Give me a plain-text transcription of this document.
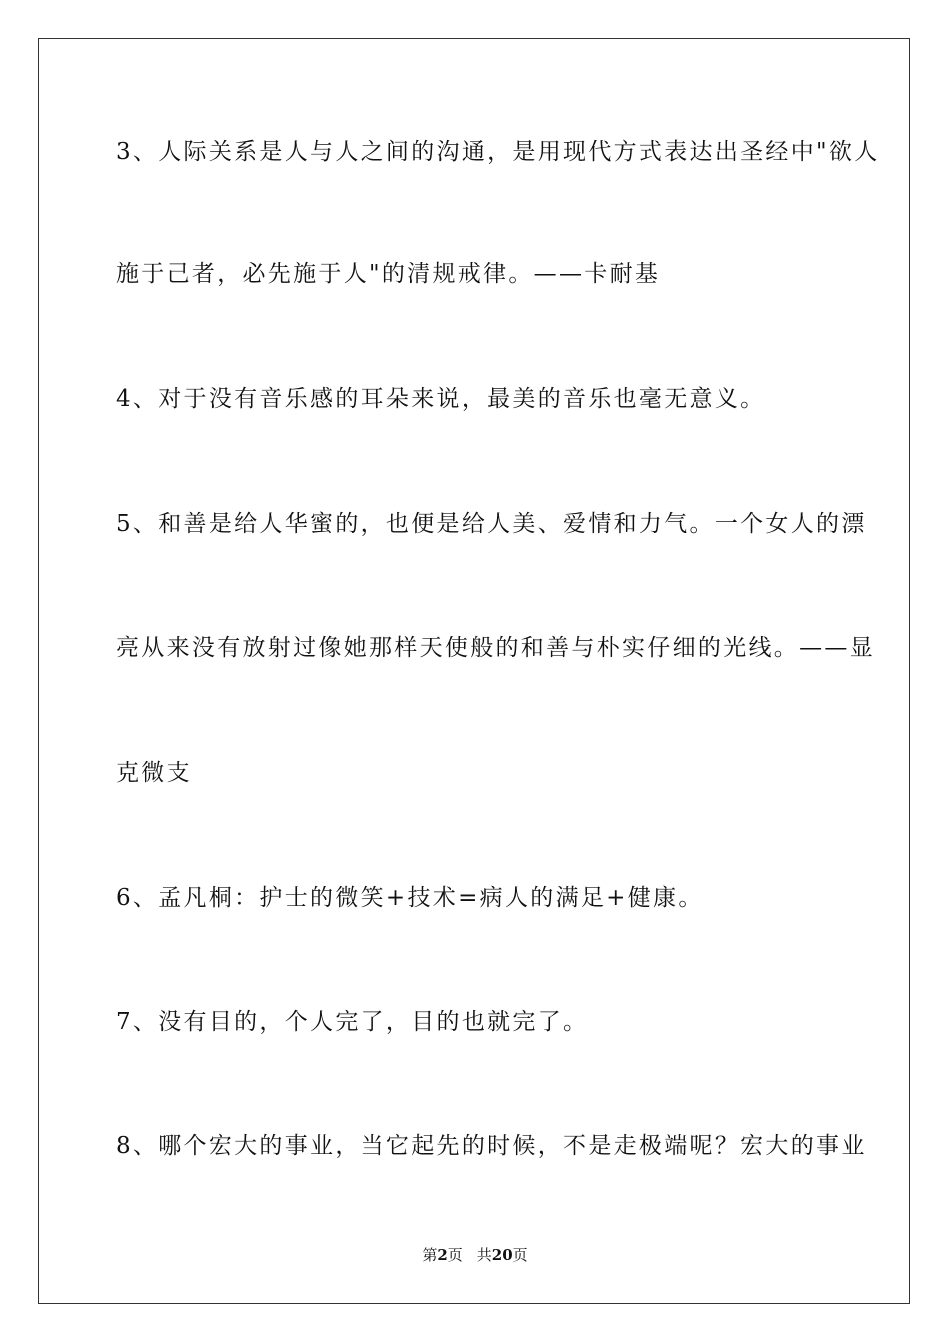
3、人际关系是人与人之间的沟通，是用现代方式表达出圣经中"欲人
施于己者，必先施于人"的清规戒律。——卡耐基
4、对于没有音乐感的耳朵来说，最美的音乐也毫无意义。
5、和善是给人华蜜的，也便是给人美、爱情和力气。一个女人的漂
亮从来没有放射过像她那样天使般的和善与朴实仔细的光线。——显
克微支
6、孟凡桐：护士的微笑+技术=病人的满足+健康。
7、没有目的，个人完了，目的也就完了。
8、哪个宏大的事业，当它起先的时候，不是走极端呢？宏大的事业
第2页 共20页
